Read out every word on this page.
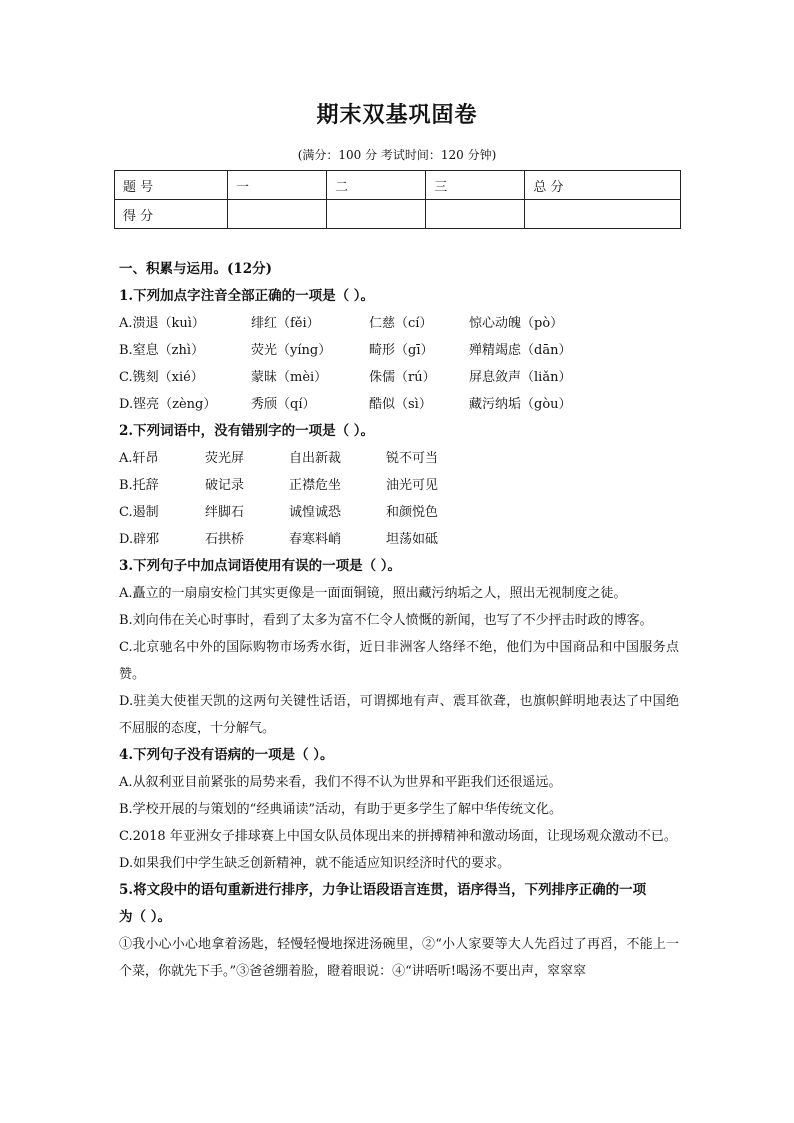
期末双基巩固卷
(满分：100 分 考试时间：120 分钟)
题 号	一	二	三	总 分
得 分				
一、积累与运用。(12分)
1.下列加点字注音全部正确的一项是（ ）。
A.溃退（kuì）	绯红（fěi）	仁慈（cí）	惊心动魄（pò）
B.窒息（zhì）	荧光（yíng）	畸形（gī）	殚精竭虑（dān）
C.镌刻（xié）	蒙昧（mèi）	侏儒（rú）	屏息敛声（liǎn）
D.铿亮（zèng）	秀颀（qí）	酷似（sì）	藏污纳垢（gòu）
2.下列词语中，没有错别字的一项是（ ）。
A.轩昂	荧光屏	自出新裁	锐不可当
B.托辞	破记录	正襟危坐	油光可见
C.遏制	绊脚石	诚惶诚恐	和颜悦色
D.辟邪	石拱桥	春寒料峭	坦荡如砥
3.下列句子中加点词语使用有误的一项是（ ）。
A.矗立的一扇扇安检门其实更像是一面面铜镜，照出藏污纳垢之人，照出无视制度之徒。
B.刘向伟在关心时事时，看到了太多为富不仁令人愤慨的新闻，也写了不少抨击时政的博客。
C.北京驰名中外的国际购物市场秀水街，近日非洲客人络绎不绝，他们为中国商品和中国服务点赞。
D.驻美大使崔天凯的这两句关键性话语，可谓掷地有声、震耳欲聋，也旗帜鲜明地表达了中国绝不屈服的态度，十分解气。
4.下列句子没有语病的一项是（ ）。
A.从叙利亚目前紧张的局势来看，我们不得不认为世界和平距我们还很遥远。
B.学校开展的与策划的“经典诵读”活动，有助于更多学生了解中华传统文化。
C.2018 年亚洲女子排球赛上中国女队员体现出来的拼搏精神和激动场面，让现场观众激动不已。
D.如果我们中学生缺乏创新精神，就不能适应知识经济时代的要求。
5.将文段中的语句重新进行排序，力争让语段语言连贯，语序得当，下列排序正确的一项
为（ ）。
①我小心小心地拿着汤匙，轻慢轻慢地探进汤碗里，②“小人家要等大人先舀过了再舀，不能上一个菜，你就先下手。”③爸爸绷着脸，瞪着眼说：④“讲唔听!喝汤不要出声，窣窣窣
